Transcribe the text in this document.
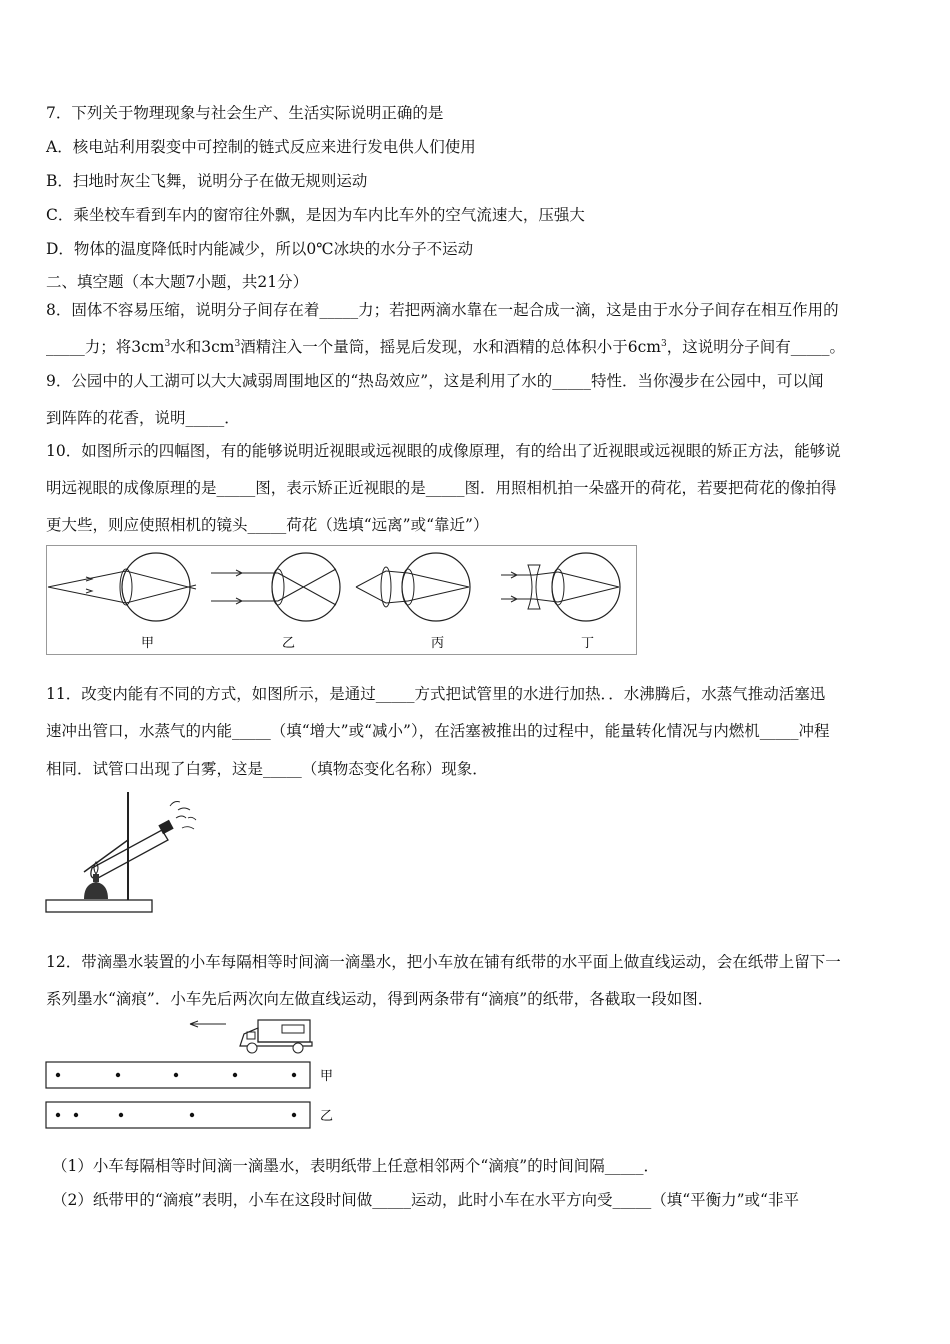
7．下列关于物理现象与社会生产、生活实际说明正确的是
A．核电站利用裂变中可控制的链式反应来进行发电供人们使用
B．扫地时灰尘飞舞，说明分子在做无规则运动
C．乘坐校车看到车内的窗帘往外飘，是因为车内比车外的空气流速大，压强大
D．物体的温度降低时内能减少，所以0℃冰块的水分子不运动
二、填空题（本大题7小题，共21分）
8．固体不容易压缩，说明分子间存在着_____力；若把两滴水靠在一起合成一滴，这是由于水分子间存在相互作用的
_____力；将$3cm^3$水和$3cm^3$酒精注入一个量筒，摇晃后发现，水和酒精的总体积小于$6cm^3$，这说明分子间有_____。
9．公园中的人工湖可以大大减弱周围地区的“热岛效应”，这是利用了水的_____特性．当你漫步在公园中，可以闻
到阵阵的花香，说明_____．
10．如图所示的四幅图，有的能够说明近视眼或远视眼的成像原理，有的给出了近视眼或远视眼的矫正方法，能够说
明远视眼的成像原理的是_____图，表示矫正近视眼的是_____图．用照相机拍一朵盛开的荷花，若要把荷花的像拍得
更大些，则应使照相机的镜头_____荷花（选填“远离”或“靠近”）
甲	乙	丙	丁
11．改变内能有不同的方式，如图所示，是通过_____方式把试管里的水进行加热．．水沸腾后，水蒸气推动活塞迅
速冲出管口，水蒸气的内能_____（填“增大”或“减小”），在活塞被推出的过程中，能量转化情况与内燃机_____冲程
相同．试管口出现了白雾，这是_____（填物态变化名称）现象．
12．带滴墨水装置的小车每隔相等时间滴一滴墨水，把小车放在铺有纸带的水平面上做直线运动，会在纸带上留下一
系列墨水“滴痕”．小车先后两次向左做直线运动，得到两条带有“滴痕”的纸带，各截取一段如图．
甲
乙
（1）小车每隔相等时间滴一滴墨水，表明纸带上任意相邻两个“滴痕”的时间间隔_____．
（2）纸带甲的“滴痕”表明，小车在这段时间做_____运动，此时小车在水平方向受_____（填“平衡力”或“非平
